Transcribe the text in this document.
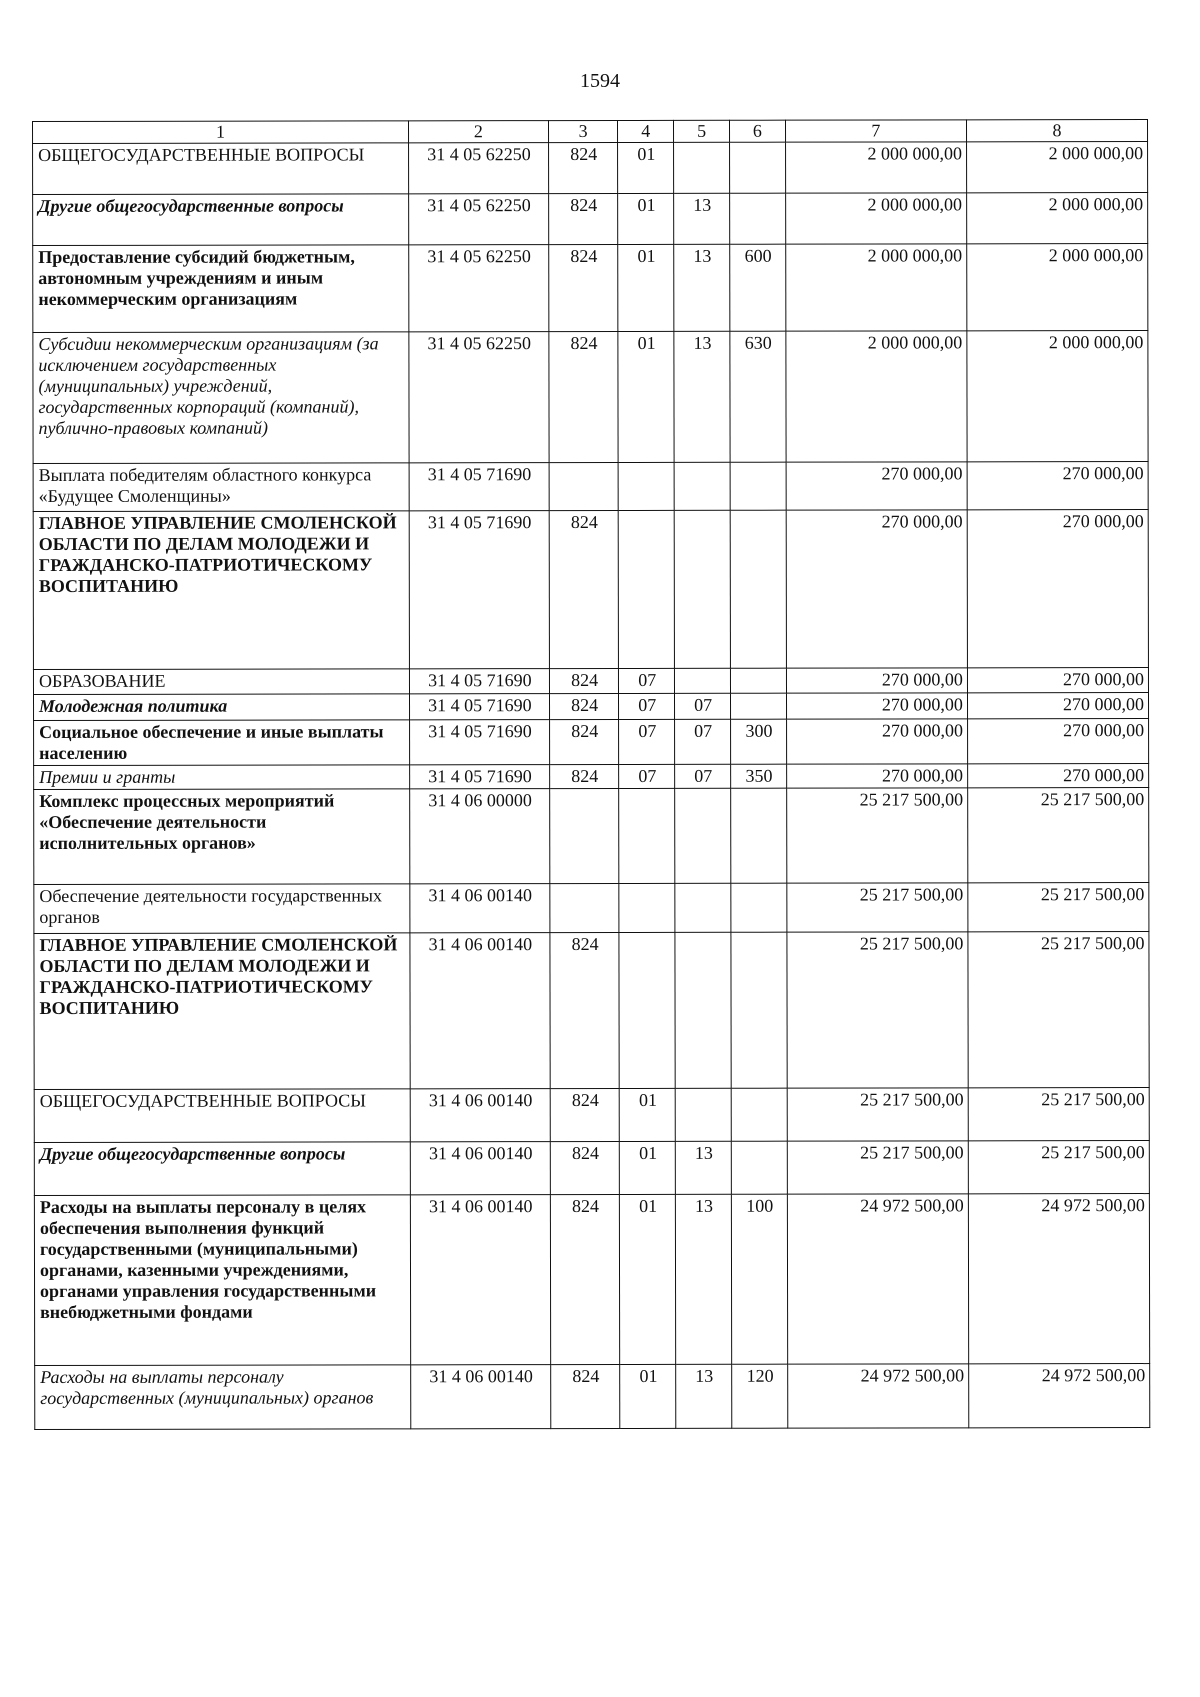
1594
1	2	3	4	5	6	7	8
ОБЩЕГОСУДАРСТВЕННЫЕ ВОПРОСЫ	31 4 05 62250	824	01			2 000 000,00	2 000 000,00
Другие общегосударственные вопросы	31 4 05 62250	824	01	13		2 000 000,00	2 000 000,00
Предоставление субсидий бюджетным, автономным учреждениям и иным некоммерческим организациям	31 4 05 62250	824	01	13	600	2 000 000,00	2 000 000,00
Субсидии некоммерческим организациям (за исключением государственных (муниципальных) учреждений, государственных корпораций (компаний), публично-правовых компаний)	31 4 05 62250	824	01	13	630	2 000 000,00	2 000 000,00
Выплата победителям областного конкурса «Будущее Смоленщины»	31 4 05 71690					270 000,00	270 000,00
ГЛАВНОЕ УПРАВЛЕНИЕ СМОЛЕНСКОЙ ОБЛАСТИ ПО ДЕЛАМ МОЛОДЕЖИ И ГРАЖДАНСКО-ПАТРИОТИЧЕСКОМУ ВОСПИТАНИЮ	31 4 05 71690	824				270 000,00	270 000,00
ОБРАЗОВАНИЕ	31 4 05 71690	824	07			270 000,00	270 000,00
Молодежная политика	31 4 05 71690	824	07	07		270 000,00	270 000,00
Социальное обеспечение и иные выплаты населению	31 4 05 71690	824	07	07	300	270 000,00	270 000,00
Премии и гранты	31 4 05 71690	824	07	07	350	270 000,00	270 000,00
Комплекс процессных мероприятий «Обеспечение деятельности исполнительных органов»	31 4 06 00000					25 217 500,00	25 217 500,00
Обеспечение деятельности государственных органов	31 4 06 00140					25 217 500,00	25 217 500,00
ГЛАВНОЕ УПРАВЛЕНИЕ СМОЛЕНСКОЙ ОБЛАСТИ ПО ДЕЛАМ МОЛОДЕЖИ И ГРАЖДАНСКО-ПАТРИОТИЧЕСКОМУ ВОСПИТАНИЮ	31 4 06 00140	824				25 217 500,00	25 217 500,00
ОБЩЕГОСУДАРСТВЕННЫЕ ВОПРОСЫ	31 4 06 00140	824	01			25 217 500,00	25 217 500,00
Другие общегосударственные вопросы	31 4 06 00140	824	01	13		25 217 500,00	25 217 500,00
Расходы на выплаты персоналу в целях обеспечения выполнения функций государственными (муниципальными) органами, казенными учреждениями, органами управления государственными внебюджетными фондами	31 4 06 00140	824	01	13	100	24 972 500,00	24 972 500,00
Расходы на выплаты персоналу государственных (муниципальных) органов	31 4 06 00140	824	01	13	120	24 972 500,00	24 972 500,00
